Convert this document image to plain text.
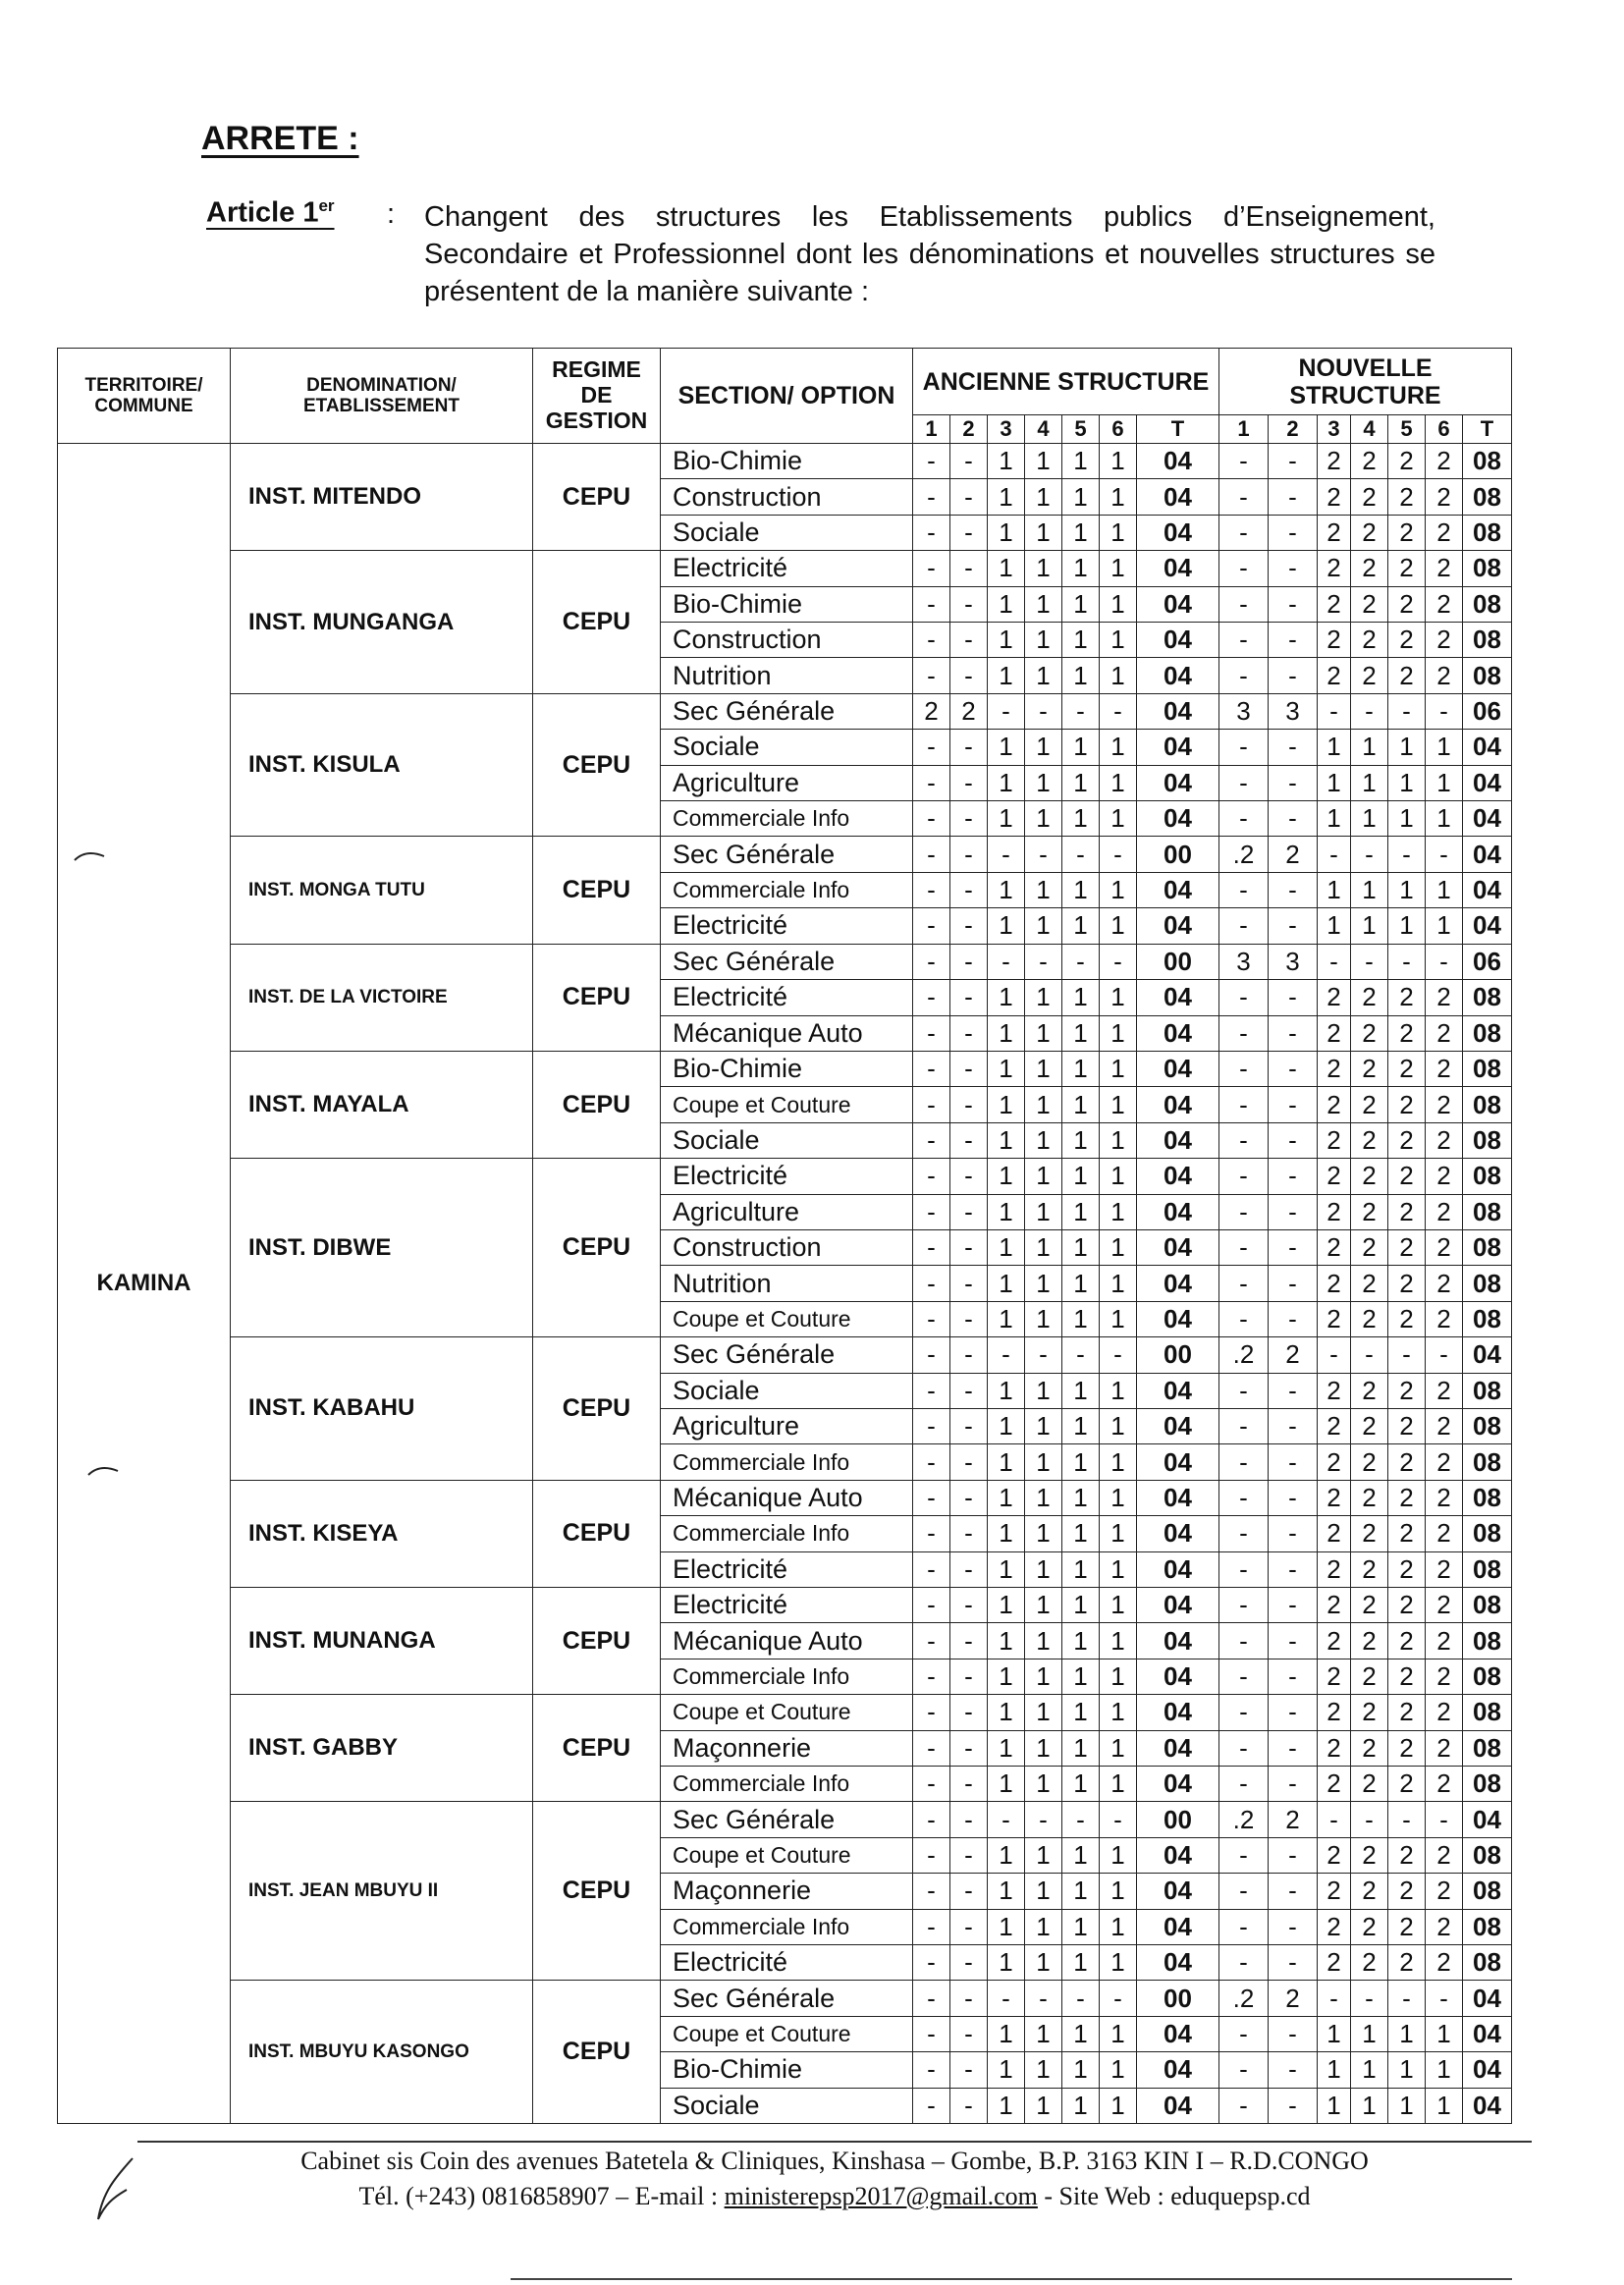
ARRETE :
Article 1er : Changent des structures les Etablissements publics d’Enseignement, Secondaire et Professionnel dont les dénominations et nouvelles structures se présentent de la manière suivante :
TERRITOIRE/ COMMUNE	DENOMINATION/ ETABLISSEMENT	REGIME DE GESTION	SECTION/ OPTION	ANCIENNE STRUCTURE							NOUVELLE STRUCTURE						

				1	2	3	4	5	6	T	1	2	3	4	5	6	T
KAMINA	INST. MITENDO	CEPU	Bio-Chimie	-	-	1	1	1	1	04	-	-	2	2	2	2	08
			Construction	-	-	1	1	1	1	04	-	-	2	2	2	2	08
			Sociale	-	-	1	1	1	1	04	-	-	2	2	2	2	08
	INST. MUNGANGA	CEPU	Electricité	-	-	1	1	1	1	04	-	-	2	2	2	2	08
			Bio-Chimie	-	-	1	1	1	1	04	-	-	2	2	2	2	08
			Construction	-	-	1	1	1	1	04	-	-	2	2	2	2	08
			Nutrition	-	-	1	1	1	1	04	-	-	2	2	2	2	08
	INST. KISULA	CEPU	Sec Générale	2	2	-	-	-	-	04	3	3	-	-	-	-	06
			Sociale	-	-	1	1	1	1	04	-	-	1	1	1	1	04
			Agriculture	-	-	1	1	1	1	04	-	-	1	1	1	1	04
			Commerciale Info	-	-	1	1	1	1	04	-	-	1	1	1	1	04
	INST. MONGA TUTU	CEPU	Sec Générale	-	-	-	-	-	-	00	.2	2	-	-	-	-	04
			Commerciale Info	-	-	1	1	1	1	04	-	-	1	1	1	1	04
			Electricité	-	-	1	1	1	1	04	-	-	1	1	1	1	04
	INST. DE LA VICTOIRE	CEPU	Sec Générale	-	-	-	-	-	-	00	3	3	-	-	-	-	06
			Electricité	-	-	1	1	1	1	04	-	-	2	2	2	2	08
			Mécanique Auto	-	-	1	1	1	1	04	-	-	2	2	2	2	08
	INST. MAYALA	CEPU	Bio-Chimie	-	-	1	1	1	1	04	-	-	2	2	2	2	08
			Coupe et Couture	-	-	1	1	1	1	04	-	-	2	2	2	2	08
			Sociale	-	-	1	1	1	1	04	-	-	2	2	2	2	08
	INST. DIBWE	CEPU	Electricité	-	-	1	1	1	1	04	-	-	2	2	2	2	08
			Agriculture	-	-	1	1	1	1	04	-	-	2	2	2	2	08
			Construction	-	-	1	1	1	1	04	-	-	2	2	2	2	08
			Nutrition	-	-	1	1	1	1	04	-	-	2	2	2	2	08
			Coupe et Couture	-	-	1	1	1	1	04	-	-	2	2	2	2	08
	INST. KABAHU	CEPU	Sec Générale	-	-	-	-	-	-	00	.2	2	-	-	-	-	04
			Sociale	-	-	1	1	1	1	04	-	-	2	2	2	2	08
			Agriculture	-	-	1	1	1	1	04	-	-	2	2	2	2	08
			Commerciale Info	-	-	1	1	1	1	04	-	-	2	2	2	2	08
	INST. KISEYA	CEPU	Mécanique Auto	-	-	1	1	1	1	04	-	-	2	2	2	2	08
			Commerciale Info	-	-	1	1	1	1	04	-	-	2	2	2	2	08
			Electricité	-	-	1	1	1	1	04	-	-	2	2	2	2	08
	INST. MUNANGA	CEPU	Electricité	-	-	1	1	1	1	04	-	-	2	2	2	2	08
			Mécanique Auto	-	-	1	1	1	1	04	-	-	2	2	2	2	08
			Commerciale Info	-	-	1	1	1	1	04	-	-	2	2	2	2	08
	INST. GABBY	CEPU	Coupe et Couture	-	-	1	1	1	1	04	-	-	2	2	2	2	08
			Maçonnerie	-	-	1	1	1	1	04	-	-	2	2	2	2	08
			Commerciale Info	-	-	1	1	1	1	04	-	-	2	2	2	2	08
	INST. JEAN MBUYU II	CEPU	Sec Générale	-	-	-	-	-	-	00	.2	2	-	-	-	-	04
			Coupe et Couture	-	-	1	1	1	1	04	-	-	2	2	2	2	08
			Maçonnerie	-	-	1	1	1	1	04	-	-	2	2	2	2	08
			Commerciale Info	-	-	1	1	1	1	04	-	-	2	2	2	2	08
			Electricité	-	-	1	1	1	1	04	-	-	2	2	2	2	08
	INST. MBUYU KASONGO	CEPU	Sec Générale	-	-	-	-	-	-	00	.2	2	-	-	-	-	04
			Coupe et Couture	-	-	1	1	1	1	04	-	-	1	1	1	1	04
			Bio-Chimie	-	-	1	1	1	1	04	-	-	1	1	1	1	04
			Sociale	-	-	1	1	1	1	04	-	-	1	1	1	1	04
Cabinet sis Coin des avenues Batetela & Cliniques, Kinshasa – Gombe, B.P. 3163 KIN I – R.D.CONGO
Tél. (+243) 0816858907 – E-mail : ministerepsp2017@gmail.com - Site Web : eduquepsp.cd
